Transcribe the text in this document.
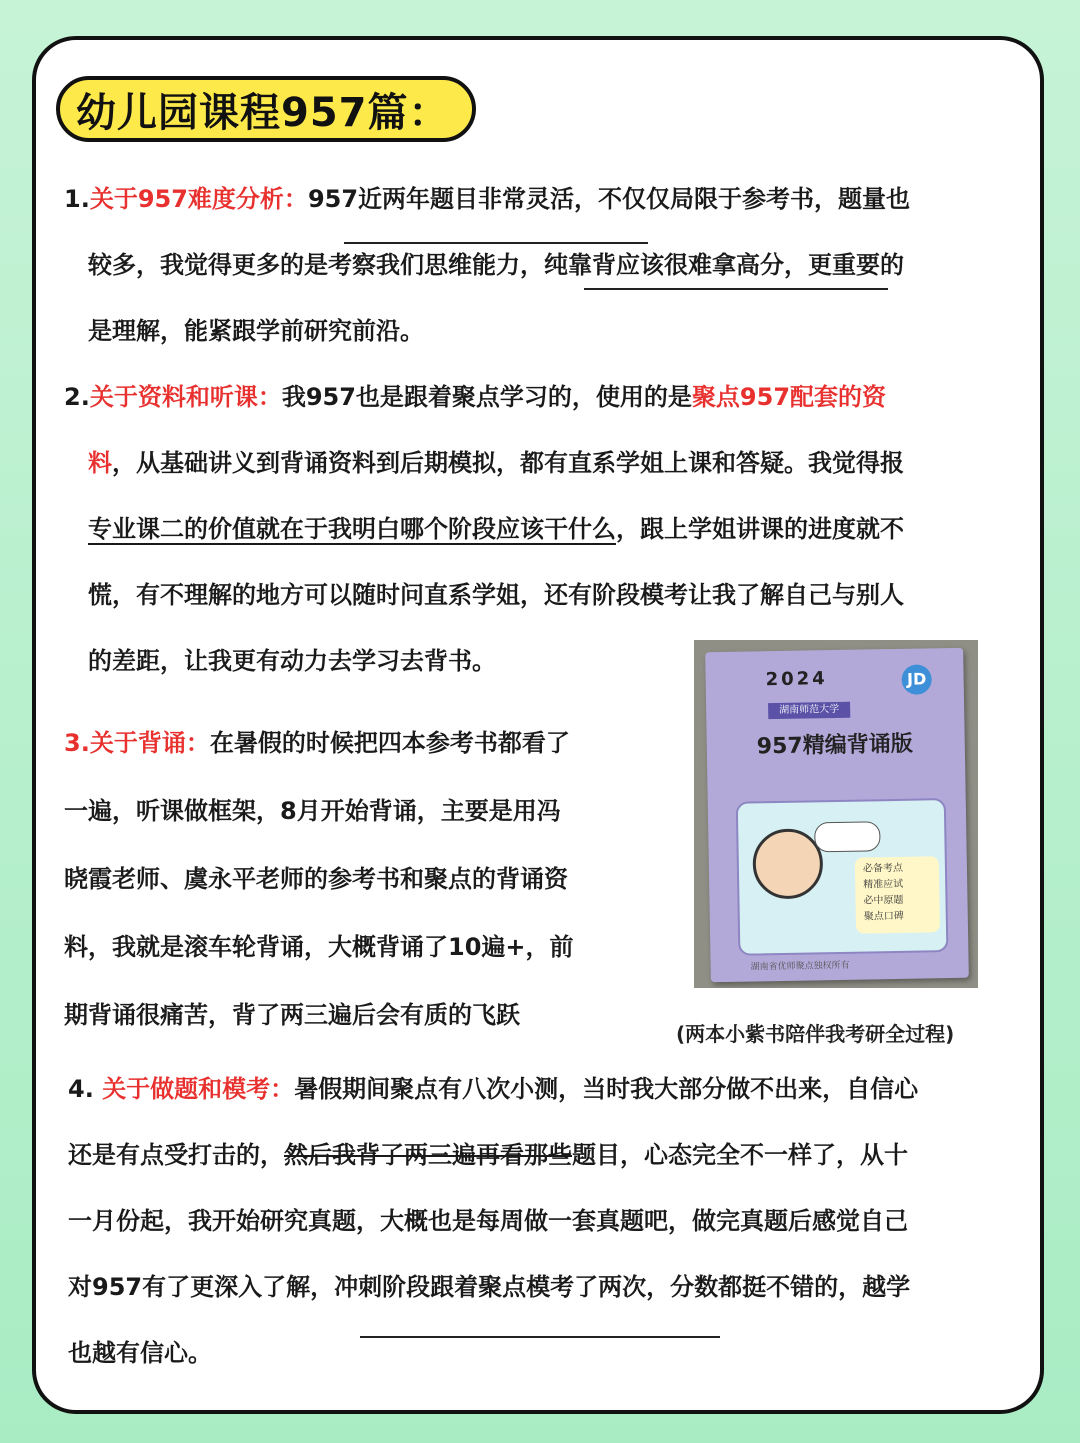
幼儿园课程957篇：
1.关于957难度分析：957近两年题目非常灵活，不仅仅局限于参考书，题量也
较多，我觉得更多的是考察我们思维能力，纯靠背应该很难拿高分，更重要的
是理解，能紧跟学前研究前沿。
2.关于资料和听课：我957也是跟着聚点学习的，使用的是聚点957配套的资
料，从基础讲义到背诵资料到后期模拟，都有直系学姐上课和答疑。我觉得报
专业课二的价值就在于我明白哪个阶段应该干什么，跟上学姐讲课的进度就不
慌，有不理解的地方可以随时问直系学姐，还有阶段模考让我了解自己与别人
的差距，让我更有动力去学习去背书。
3.关于背诵：在暑假的时候把四本参考书都看了
一遍，听课做框架，8月开始背诵，主要是用冯
晓霞老师、虞永平老师的参考书和聚点的背诵资
料，我就是滚车轮背诵，大概背诵了10遍+，前
期背诵很痛苦，背了两三遍后会有质的飞跃
2024	JD
湖南师范大学
957精编背诵版
必备考点
精准应试
必中原题
聚点口碑
湖南省优师聚点独权所有
(两本小紫书陪伴我考研全过程)
4. 关于做题和模考：暑假期间聚点有八次小测，当时我大部分做不出来，自信心
还是有点受打击的，然后我背了两三遍再看那些题目，心态完全不一样了，从十
一月份起，我开始研究真题，大概也是每周做一套真题吧，做完真题后感觉自己
对957有了更深入了解，冲刺阶段跟着聚点模考了两次，分数都挺不错的，越学
也越有信心。
